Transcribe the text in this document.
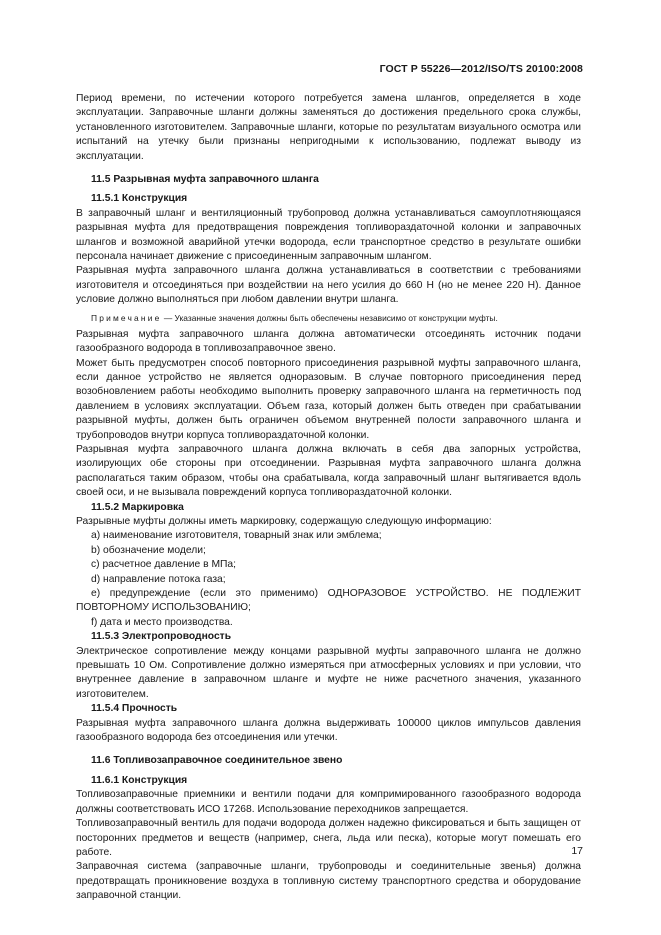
ГОСТ Р 55226—2012/ISO/TS 20100:2008

Период времени, по истечении которого потребуется замена шлангов, определяется в ходе эксплуатации. Заправочные шланги должны заменяться до достижения предельного срока службы, установленного изготовителем. Заправочные шланги, которые по результатам визуального осмотра или испытаний на утечку были признаны непригодными к использованию, подлежат выводу из эксплуатации.

11.5 Разрывная муфта заправочного шланга

11.5.1 Конструкция

В заправочный шланг и вентиляционный трубопровод должна устанавливаться самоуплотняющаяся разрывная муфта для предотвращения повреждения топливораздаточной колонки и заправочных шлангов и возможной аварийной утечки водорода, если транспортное средство в результате ошибки персонала начинает движение с присоединенным заправочным шлангом.

Разрывная муфта заправочного шланга должна устанавливаться в соответствии с требованиями изготовителя и отсоединяться при воздействии на него усилия до 660 Н (но не менее 220 Н). Данное условие должно выполняться при любом давлении внутри шланга.

Примечание — Указанные значения должны быть обеспечены независимо от конструкции муфты.

Разрывная муфта заправочного шланга должна автоматически отсоединять источник подачи газообразного водорода в топливозаправочное звено.

Может быть предусмотрен способ повторного присоединения разрывной муфты заправочного шланга, если данное устройство не является одноразовым. В случае повторного присоединения перед возобновлением работы необходимо выполнить проверку заправочного шланга на герметичность под давлением в условиях эксплуатации. Объем газа, который должен быть отведен при срабатывании разрывной муфты, должен быть ограничен объемом внутренней полости заправочного шланга и трубопроводов внутри корпуса топливораздаточной колонки.

Разрывная муфта заправочного шланга должна включать в себя два запорных устройства, изолирующих обе стороны при отсоединении. Разрывная муфта заправочного шланга должна располагаться таким образом, чтобы она срабатывала, когда заправочный шланг вытягивается вдоль своей оси, и не вызывала повреждений корпуса топливораздаточной колонки.

11.5.2 Маркировка

Разрывные муфты должны иметь маркировку, содержащую следующую информацию:

a) наименование изготовителя, товарный знак или эмблема;

b) обозначение модели;

c) расчетное давление в МПа;

d) направление потока газа;

e) предупреждение (если это применимо) ОДНОРАЗОВОЕ УСТРОЙСТВО. НЕ ПОДЛЕЖИТ ПОВТОРНОМУ ИСПОЛЬЗОВАНИЮ;

f) дата и место производства.

11.5.3 Электропроводность

Электрическое сопротивление между концами разрывной муфты заправочного шланга не должно превышать 10 Ом. Сопротивление должно измеряться при атмосферных условиях и при условии, что внутреннее давление в заправочном шланге и муфте не ниже расчетного значения, указанного изготовителем.

11.5.4 Прочность

Разрывная муфта заправочного шланга должна выдерживать 100000 циклов импульсов давления газообразного водорода без отсоединения или утечки.

11.6 Топливозаправочное соединительное звено

11.6.1 Конструкция

Топливозаправочные приемники и вентили подачи для компримированного газообразного водорода должны соответствовать ИСО 17268. Использование переходников запрещается.

Топливозаправочный вентиль для подачи водорода должен надежно фиксироваться и быть защищен от посторонних предметов и веществ (например, снега, льда или песка), которые могут помешать его работе.

Заправочная система (заправочные шланги, трубопроводы и соединительные звенья) должна предотвращать проникновение воздуха в топливную систему транспортного средства и оборудование заправочной станции.

17
